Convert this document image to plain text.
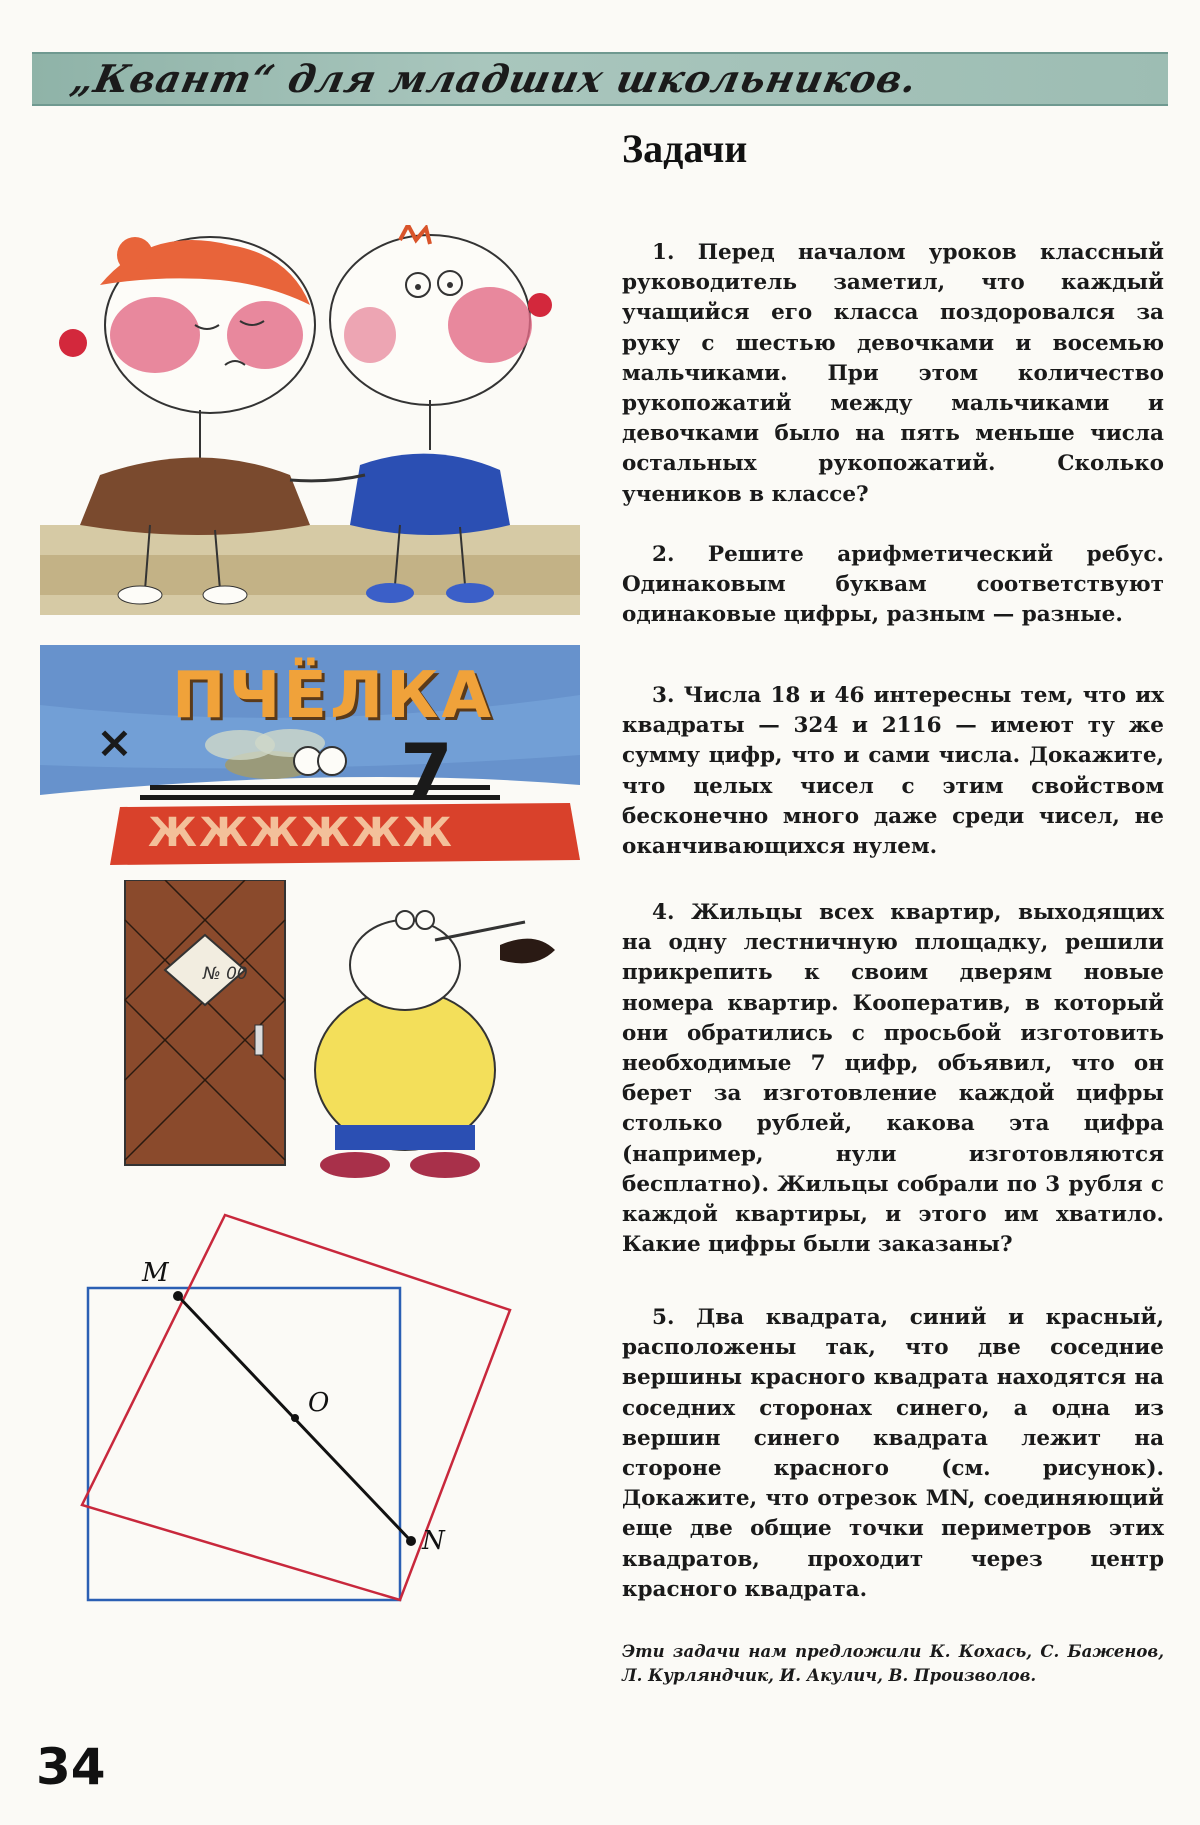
„Квант“ для младших школьников.
Задачи

1. Перед началом уроков классный руководитель заметил, что каждый учащийся его класса поздоровался за руку с шестью девочками и восемью мальчиками. При этом количество рукопожатий между мальчиками и девочками было на пять меньше числа остальных рукопожатий. Сколько учеников в классе?

2. Решите арифметический ребус. Одинаковым буквам соответствуют одинаковые цифры, разным — разные.

3. Числа 18 и 46 интересны тем, что их квадраты — 324 и 2116 — имеют ту же сумму цифр, что и сами числа. Докажите, что целых чисел с этим свойством бесконечно много даже среди чисел, не оканчивающихся нулем.

4. Жильцы всех квартир, выходящих на одну лестничную площадку, решили прикрепить к своим дверям новые номера квартир. Кооператив, в который они обратились с просьбой изготовить необходимые 7 цифр, объявил, что он берет за изготовление каждой цифры столько рублей, какова эта цифра (например, нули изготовляются бесплатно). Жильцы собрали по 3 рубля с каждой квартиры, и этого им хватило. Какие цифры были заказаны?

5. Два квадрата, синий и красный, расположены так, что две соседние вершины красного квадрата находятся на соседних сторонах синего, а одна из вершин синего квадрата лежит на стороне красного (см. рисунок). Докажите, что отрезок MN, соединяющий еще две общие точки периметров этих квадратов, проходит через центр красного квадрата.

Эти задачи нам предложили К. Кохась, С. Баженов, Л. Курляндчик, И. Акулич, В. Произволов.
34
ПЧЁЛКА
×	7
ЖЖЖЖЖЖ
№ 00
M
O
N
